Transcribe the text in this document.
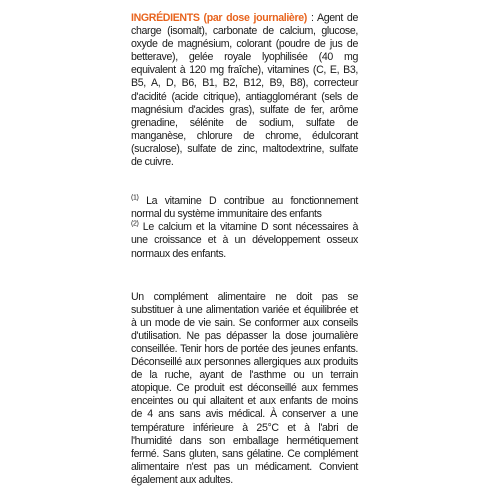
INGRÉDIENTS (par dose journalière) : Agent de charge (isomalt), carbonate de calcium, glucose, oxyde de magnésium, colorant (poudre de jus de betterave), gelée royale lyophilisée (40 mg equivalent à 120 mg fraîche), vitamines (C, E, B3, B5, A, D, B6, B1, B2, B12, B9, B8), correcteur d'acidité (acide citrique), antiagglomérant (sels de magnésium d'acides gras), sulfate de fer, arôme grenadine, sélénite de sodium, sulfate de manganèse, chlorure de chrome, édulcorant (sucralose), sulfate de zinc, maltodextrine, sulfate de cuivre.

$^{(1)}$ La vitamine D contribue au fonctionnement normal du système immunitaire des enfants

$^{(2)}$ Le calcium et la vitamine D sont nécessaires à une croissance et à un développement osseux normaux des enfants.

Un complément alimentaire ne doit pas se substituer à une alimentation variée et équilibrée et à un mode de vie sain. Se conformer aux conseils d'utilisation. Ne pas dépasser la dose journalière conseillée. Tenir hors de portée des jeunes enfants. Déconseillé aux personnes allergiques aux produits de la ruche, ayant de l'asthme ou un terrain atopique. Ce produit est déconseillé aux femmes enceintes ou qui allaitent et aux enfants de moins de 4 ans sans avis médical. À conserver a une température inférieure à 25°C et à l'abri de l'humidité dans son emballage hermétiquement fermé. Sans gluten, sans gélatine. Ce complément alimentaire n'est pas un médicament. Convient également aux adultes.
